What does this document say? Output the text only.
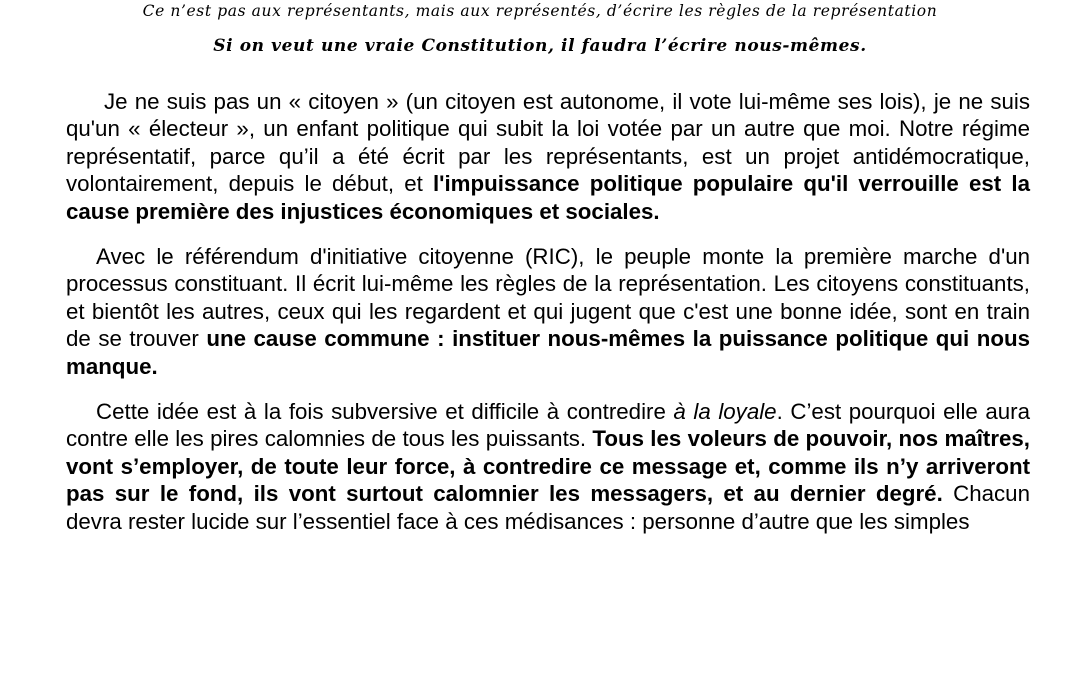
Ce n’est pas aux représentants, mais aux représentés, d’écrire les règles de la représentation
Si on veut une vraie Constitution, il faudra l’écrire nous-mêmes.

Je ne suis pas un « citoyen » (un citoyen est autonome, il vote lui-même ses lois), je ne suis qu'un « électeur », un enfant politique qui subit la loi votée par un autre que moi. Notre régime représentatif, parce qu’il a été écrit par les représentants, est un projet antidémocratique, volontairement, depuis le début, et l'impuissance politique populaire qu'il verrouille est la cause première des injustices économiques et sociales.

Avec le référendum d'initiative citoyenne (RIC), le peuple monte la première marche d'un processus constituant. Il écrit lui-même les règles de la représentation. Les citoyens constituants, et bientôt les autres, ceux qui les regardent et qui jugent que c'est une bonne idée, sont en train de se trouver une cause commune : instituer nous-mêmes la puissance politique qui nous manque.

Cette idée est à la fois subversive et difficile à contredire à la loyale. C’est pourquoi elle aura contre elle les pires calomnies de tous les puissants. Tous les voleurs de pouvoir, nos maîtres, vont s’employer, de toute leur force, à contredire ce message et, comme ils n’y arriveront pas sur le fond, ils vont surtout calomnier les messagers, et au dernier degré. Chacun devra rester lucide sur l’essentiel face à ces médisances : personne d’autre que les simples
